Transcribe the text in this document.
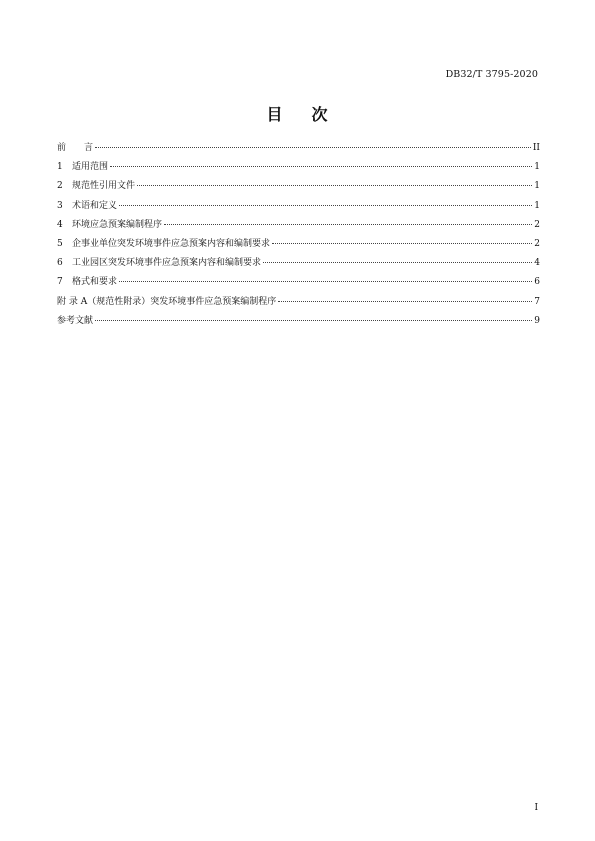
DB32/T 3795-2020
目 次
前　　言	II
1	适用范围	1
2	规范性引用文件	1
3	术语和定义	1
4	环境应急预案编制程序	2
5	企事业单位突发环境事件应急预案内容和编制要求	2
6	工业园区突发环境事件应急预案内容和编制要求	4
7	格式和要求	6
附 录 A（规范性附录）突发环境事件应急预案编制程序	7
参考文献	9
I
